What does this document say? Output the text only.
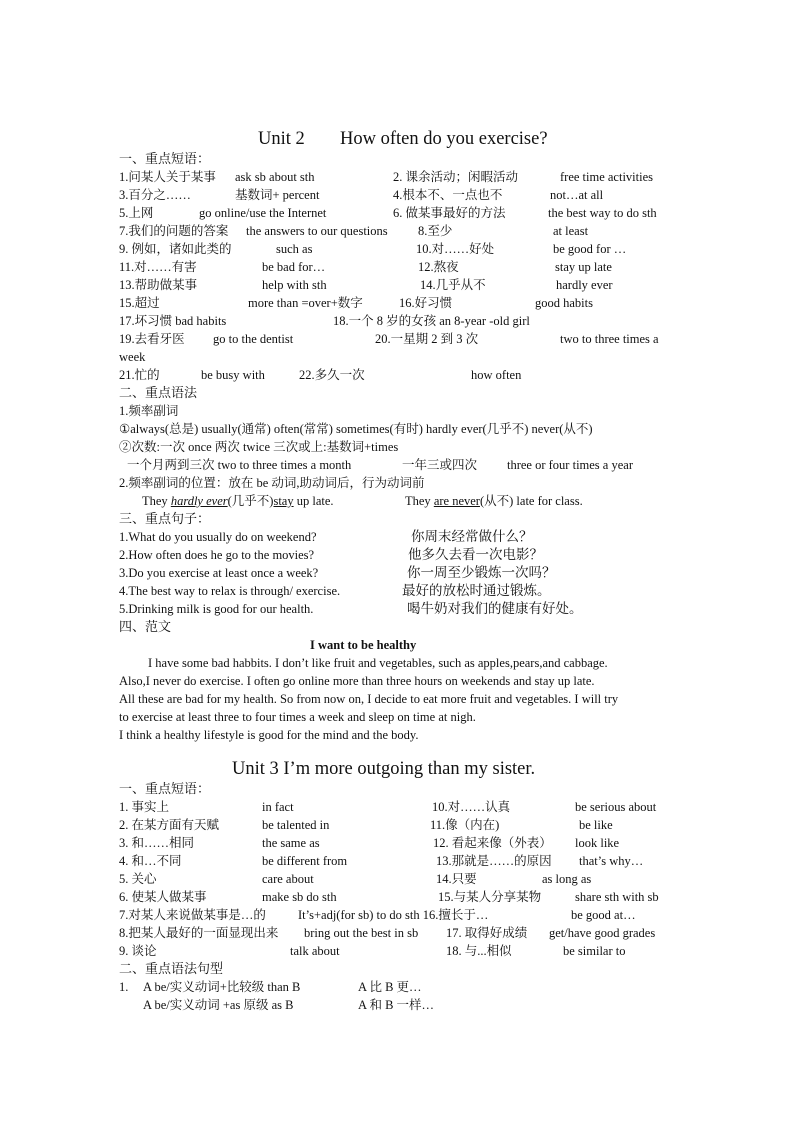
Unit 2 How often do you exercise?
一、重点短语：
1.问某人关于某事 ask sb about sth	2. 课余活动；闲暇活动	free time activities
3.百分之……	基数词+ percent	4.根本不、一点也不	not…at all
5.上网	go online/use the Internet	6. 做某事最好的方法	the best way to do sth
7.我们的问题的答案 the answers to our questions 8.至少	at least
9. 例如，诸如此类的	such as	10.对……好处	be good for …
11.对……有害	be bad for…	12.熬夜	stay up late
13.帮助做某事	help with sth	14.几乎从不	hardly ever
15.超过	more than =over+数字	16.好习惯	good habits
17.坏习惯 bad habits	18.一个 8 岁的女孩 an 8-year -old girl
19.去看牙医 go to the dentist	20.一星期 2 到 3 次	two to three times a
week
21.忙的	be busy with	22.多久一次	how often
二、重点语法
1.频率副词
①always(总是) usually(通常) often(常常) sometimes(有时) hardly ever(几乎不) never(从不)
②次数:一次 once 两次 twice 三次或上:基数词+times
一个月两到三次 two to three times a month	一年三或四次 three or four times a year
2.频率副词的位置：放在 be 动词,助动词后，行为动词前
They hardly ever(几乎不)stay up late.	They are never(从不) late for class.
三、重点句子：
1.What do you usually do on weekend?	你周末经常做什么？
2.How often does he go to the movies?	他多久去看一次电影？
3.Do you exercise at least once a week?	你一周至少锻炼一次吗？
4.The best way to relax is through/ exercise.	最好的放松时通过锻炼。
5.Drinking milk is good for our health.	喝牛奶对我们的健康有好处。
四、范文
I want to be healthy
I have some bad habbits. I don’t like fruit and vegetables, such as apples,pears,and cabbage.
Also,I never do exercise. I often go online more than three hours on weekends and stay up late.
All these are bad for my health. So from now on, I decide to eat more fruit and vegetables. I will try
to exercise at least three to four times a week and sleep on time at nigh.
I think a healthy lifestyle is good for the mind and the body.
Unit 3 I’m more outgoing than my sister.
一、重点短语：
1. 事实上	in fact	10.对……认真	be serious about
2. 在某方面有天赋	be talented in	11.像（内在)	be like
3. 和……相同	the same as	12. 看起来像（外表） look like
4. 和…不同	be different from	13.那就是……的原因 that’s why…
5. 关心	care about	14.只要	as long as
6. 使某人做某事	make sb do sth	15.与某人分享某物	share sth with sb
7.对某人来说做某事是…的	It’s+adj(for sb) to do sth 16.擅长于…	be good at…
8.把某人最好的一面显现出来 bring out the best in sb 17. 取得好成绩 get/have good grades
9. 谈论	talk about	18. 与...相似	be similar to
二、重点语法句型
1. A be/实义动词+比较级 than B	A 比 B 更…
A be/实义动词 +as 原级 as B	A 和 B 一样…
